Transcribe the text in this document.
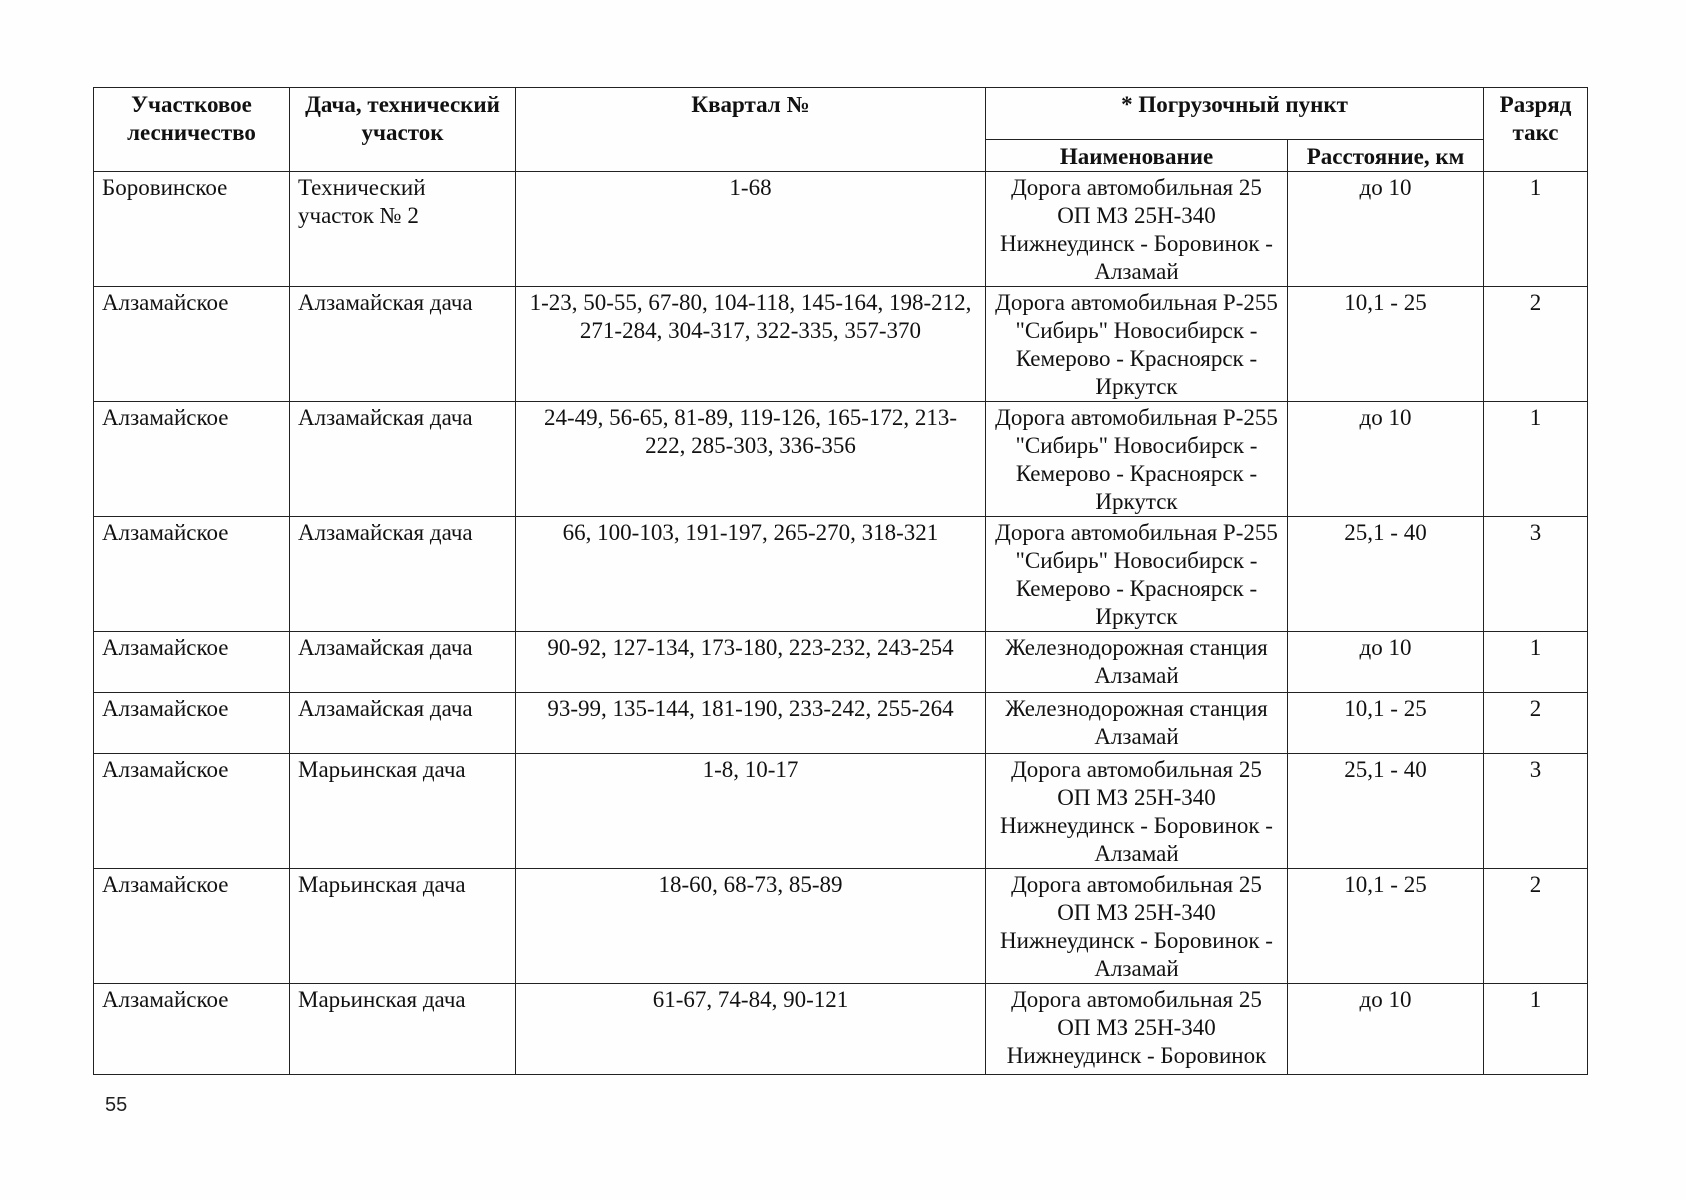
Участковое лесничество	Дача, технический участок	Квартал №	* Погрузочный пункт		Разряд такс
			Наименование	Расстояние, км	
Боровинское	Технический участок № 2	1-68	Дорога автомобильная 25 ОП МЗ 25Н-340 Нижнеудинск - Боровинок - Алзамай	до 10	1
Алзамайское	Алзамайская дача	1-23, 50-55, 67-80, 104-118, 145-164, 198-212, 271-284, 304-317, 322-335, 357-370	Дорога автомобильная Р-255 "Сибирь" Новосибирск - Кемерово - Красноярск - Иркутск	10,1 - 25	2
Алзамайское	Алзамайская дача	24-49, 56-65, 81-89, 119-126, 165-172, 213-222, 285-303, 336-356	Дорога автомобильная Р-255 "Сибирь" Новосибирск - Кемерово - Красноярск - Иркутск	до 10	1
Алзамайское	Алзамайская дача	66, 100-103, 191-197, 265-270, 318-321	Дорога автомобильная Р-255 "Сибирь" Новосибирск - Кемерово - Красноярск - Иркутск	25,1 - 40	3
Алзамайское	Алзамайская дача	90-92, 127-134, 173-180, 223-232, 243-254	Железнодорожная станция Алзамай	до 10	1
Алзамайское	Алзамайская дача	93-99, 135-144, 181-190, 233-242, 255-264	Железнодорожная станция Алзамай	10,1 - 25	2
Алзамайское	Марьинская дача	1-8, 10-17	Дорога автомобильная 25 ОП МЗ 25Н-340 Нижнеудинск - Боровинок - Алзамай	25,1 - 40	3
Алзамайское	Марьинская дача	18-60, 68-73, 85-89	Дорога автомобильная 25 ОП МЗ 25Н-340 Нижнеудинск - Боровинок - Алзамай	10,1 - 25	2
Алзамайское	Марьинская дача	61-67, 74-84, 90-121	Дорога автомобильная 25 ОП МЗ 25Н-340 Нижнеудинск - Боровинок	до 10	1
55
